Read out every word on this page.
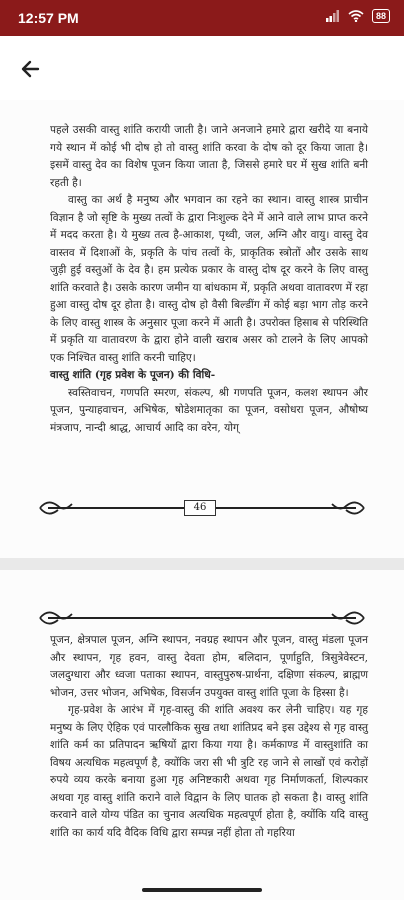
12:57 PM	88

पहले उसकी वास्तु शांति करायी जाती है। जाने अनजाने हमारे द्वारा खरीदे या बनाये गये स्थान में कोई भी दोष हो तो वास्तु शांति करवा के दोष को दूर किया जाता है। इसमें वास्तु देव का विशेष पूजन किया जाता है, जिससे हमारे घर में सुख शांति बनी रहती है।

वास्तु का अर्थ है मनुष्य और भगवान का रहने का स्थान। वास्तु शास्त्र प्राचीन विज्ञान है जो सृष्टि के मुख्य तत्वों के द्वारा निःशुल्क देने में आने वाले लाभ प्राप्त करने में मदद करता है। ये मुख्य तत्व है-आकाश, पृथ्वी, जल, अग्नि और वायु। वास्तु देव वास्तव में दिशाओं के, प्रकृति के पांच तत्वों के, प्राकृतिक स्त्रोतों और उसके साथ जुड़ी हुई वस्तुओं के देव है। हम प्रत्येक प्रकार के वास्तु दोष दूर करने के लिए वास्तु शांति करवाते है। उसके कारण जमीन या बांधकाम में, प्रकृति अथवा वातावरण में रहा हुआ वास्तु दोष दूर होता है। वास्तु दोष हो वैसी बिल्डींग में कोई बड़ा भाग तोड़ करने के लिए वास्तु शास्त्र के अनुसार पूजा करने में आती है। उपरोक्त हिसाब से परिस्थिति में प्रकृति या वातावरण के द्वारा होने वाली खराब असर को टालने के लिए आपको एक निश्चित वास्तु शांति करनी चाहिए।

वास्तु शांति (गृह प्रवेश के पूजन) की विधि-

स्वस्तिवाचन, गणपति स्मरण, संकल्प, श्री गणपति पूजन, कलश स्थापन और पूजन, पुन्याहवाचन, अभिषेक, षोडेशमातृका का पूजन, वसोधरा पूजन, औषोष्य मंत्रजाप, नान्दी श्राद्ध, आचार्य आदि का वरेन, योग्

46

पूजन, क्षेत्रपाल पूजन, अग्नि स्थापन, नवग्रह स्थापन और पूजन, वास्तु मंडला पूजन और स्थापन, गृह हवन, वास्तु देवता होम, बलिदान, पूर्णाहुति, त्रिसुत्रेवेस्टन, जलदुग्धारा और ध्वजा पताका स्थापन, वास्तुपुरुष-प्रार्थना, दक्षिणा संकल्प, ब्राह्मण भोजन, उत्तर भोजन, अभिषेक, विसर्जन उपयुक्त वास्तु शांति पूजा के हिस्सा है।

गृह-प्रवेश के आरंभ में गृह-वास्तु की शांति अवश्य कर लेनी चाहिए। यह गृह मनुष्य के लिए ऐहिक एवं पारलौकिक सुख तथा शांतिप्रद बने इस उद्देश्य से गृह वास्तु शांति कर्म का प्रतिपादन ऋषियों द्वारा किया गया है। कर्मकाण्ड में वास्तुशांति का विषय अत्यधिक महत्वपूर्ण है, क्योंकि जरा सी भी त्रुटि रह जाने से लाखों एवं करोड़ों रुपये व्यय करके बनाया हुआ गृह अनिष्टकारी अथवा गृह निर्माणकर्ता, शिल्पकार अथवा गृह वास्तु शांति कराने वाले विद्वान के लिए घातक हो सकता है। वास्तु शांति करवाने वाले योग्य पंडित का चुनाव अत्यधिक महत्वपूर्ण होता है, क्योंकि यदि वास्तु शांति का कार्य यदि वैदिक विधि द्वारा सम्पन्न नहीं होता तो गहरिया
